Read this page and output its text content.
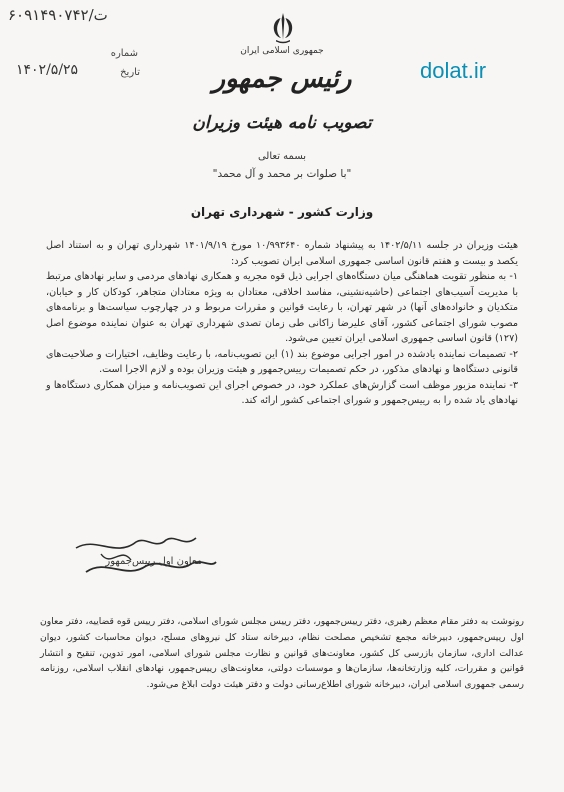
۶۰۹۱۴ت/۹۰۷۴۲
شماره
تاریخ
۱۴۰۲/۵/۲۵
جمهوری اسلامی ایران
رئیس جمهور
تصویب نامه هیئت وزیران
dolat.ir
بسمه تعالی
"با صلوات بر محمد و آل محمد"
وزارت کشور - شهرداری تهران

هیئت وزیران در جلسه ۱۴۰۲/۵/۱۱ به پیشنهاد شماره ۱۰/۹۹۳۶۴۰ مورخ ۱۴۰۱/۹/۱۹ شهرداری تهران و به استناد اصل یکصد و بیست و هفتم قانون اساسی جمهوری اسلامی ایران تصویب کرد:

۱- به منظور تقویت هماهنگی میان دستگاه‌های اجرایی ذیل قوه مجریه و همکاری نهادهای مردمی و سایر نهادهای مرتبط با مدیریت آسیب‌های اجتماعی (حاشیه‌نشینی، مفاسد اخلاقی، معتادان به ویژه معتادان متجاهر، کودکان کار و خیابان، متکدیان و خانواده‌های آنها) در شهر تهران، با رعایت قوانین و مقررات مربوط و در چهارچوب سیاست‌ها و برنامه‌های مصوب شورای اجتماعی کشور، آقای علیرضا زاکانی طی زمان تصدی شهرداری تهران به عنوان نماینده موضوع اصل (۱۲۷) قانون اساسی جمهوری اسلامی ایران تعیین می‌شود.

۲- تصمیمات نماینده یادشده در امور اجرایی موضوع بند (۱) این تصویب‌نامه، با رعایت وظایف، اختیارات و صلاحیت‌های قانونی دستگاه‌ها و نهادهای مذکور، در حکم تصمیمات رییس‌جمهور و هیئت وزیران بوده و لازم الاجرا است.

۳- نماینده مزبور موظف است گزارش‌های عملکرد خود، در خصوص اجرای این تصویب‌نامه و میزان همکاری دستگاه‌ها و نهادهای یاد شده را به رییس‌جمهور و شورای اجتماعی کشور ارائه کند.

معاون اول رییس‌جمهور

رونوشت به دفتر مقام معظم رهبری، دفتر رییس‌جمهور، دفتر رییس مجلس شورای اسلامی، دفتر رییس قوه قضاییه، دفتر معاون اول رییس‌جمهور، دبیرخانه مجمع تشخیص مصلحت نظام، دبیرخانه ستاد کل نیروهای مسلح، دیوان محاسبات کشور، دیوان عدالت اداری، سازمان بازرسی کل کشور، معاونت‌های قوانین و نظارت مجلس شورای اسلامی، امور تدوین، تنقیح و انتشار قوانین و مقررات، کلیه وزارتخانه‌ها، سازمان‌ها و موسسات دولتی، معاونت‌های رییس‌جمهور، نهادهای انقلاب اسلامی، روزنامه رسمی جمهوری اسلامی ایران، دبیرخانه شورای اطلاع‌رسانی دولت و دفتر هیئت دولت ابلاغ می‌شود.
